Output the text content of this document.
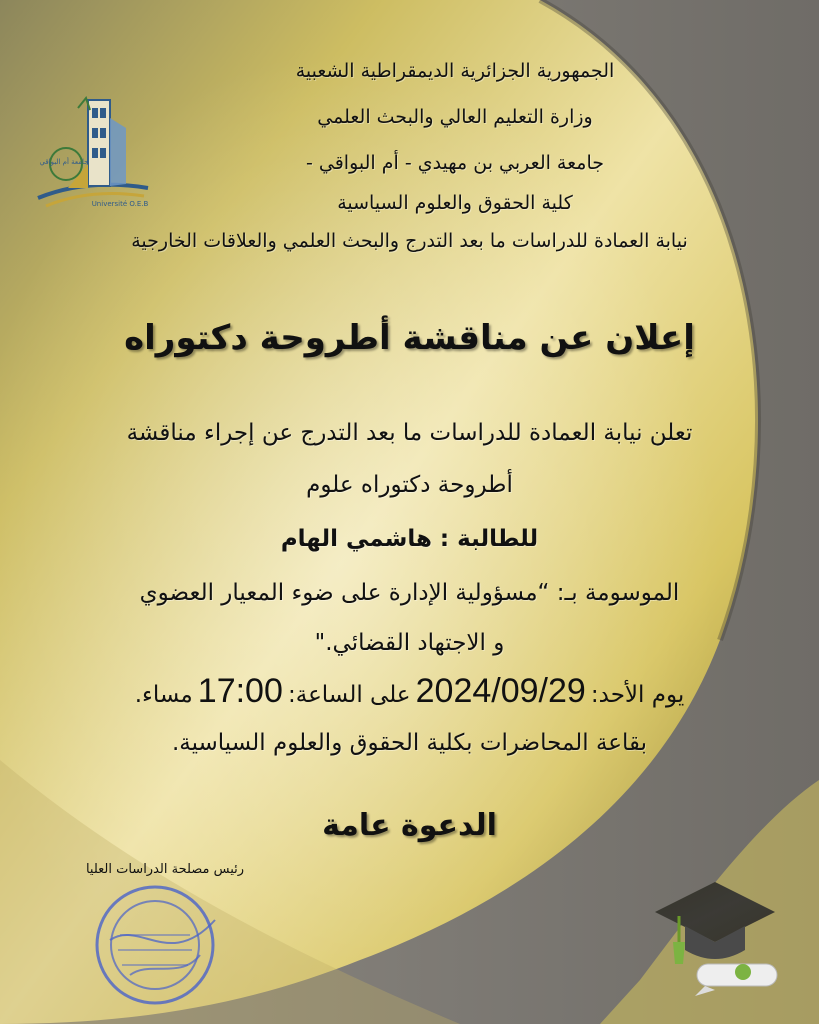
جامعة أم البواقي
Université O.E.B
الجمهورية الجزائرية الديمقراطية الشعبية
وزارة التعليم العالي والبحث العلمي
جامعة العربي بن مهيدي - أم البواقي -
كلية الحقوق والعلوم السياسية
نيابة العمادة للدراسات ما بعد التدرج والبحث العلمي والعلاقات الخارجية
إعلان عن مناقشة أطروحة دكتوراه
تعلن نيابة العمادة للدراسات ما بعد التدرج عن إجراء مناقشة
أطروحة دكتوراه علوم
للطالبة : هاشمي الهام
الموسومة بـ: “مسؤولية الإدارة على ضوء المعيار العضوي
و الاجتهاد القضائي."
يوم الأحد: 2024/09/29 على الساعة: 17:00 مساء.
بقاعة المحاضرات بكلية الحقوق والعلوم السياسية.
الدعوة عامة
رئيس مصلحة الدراسات العليا
